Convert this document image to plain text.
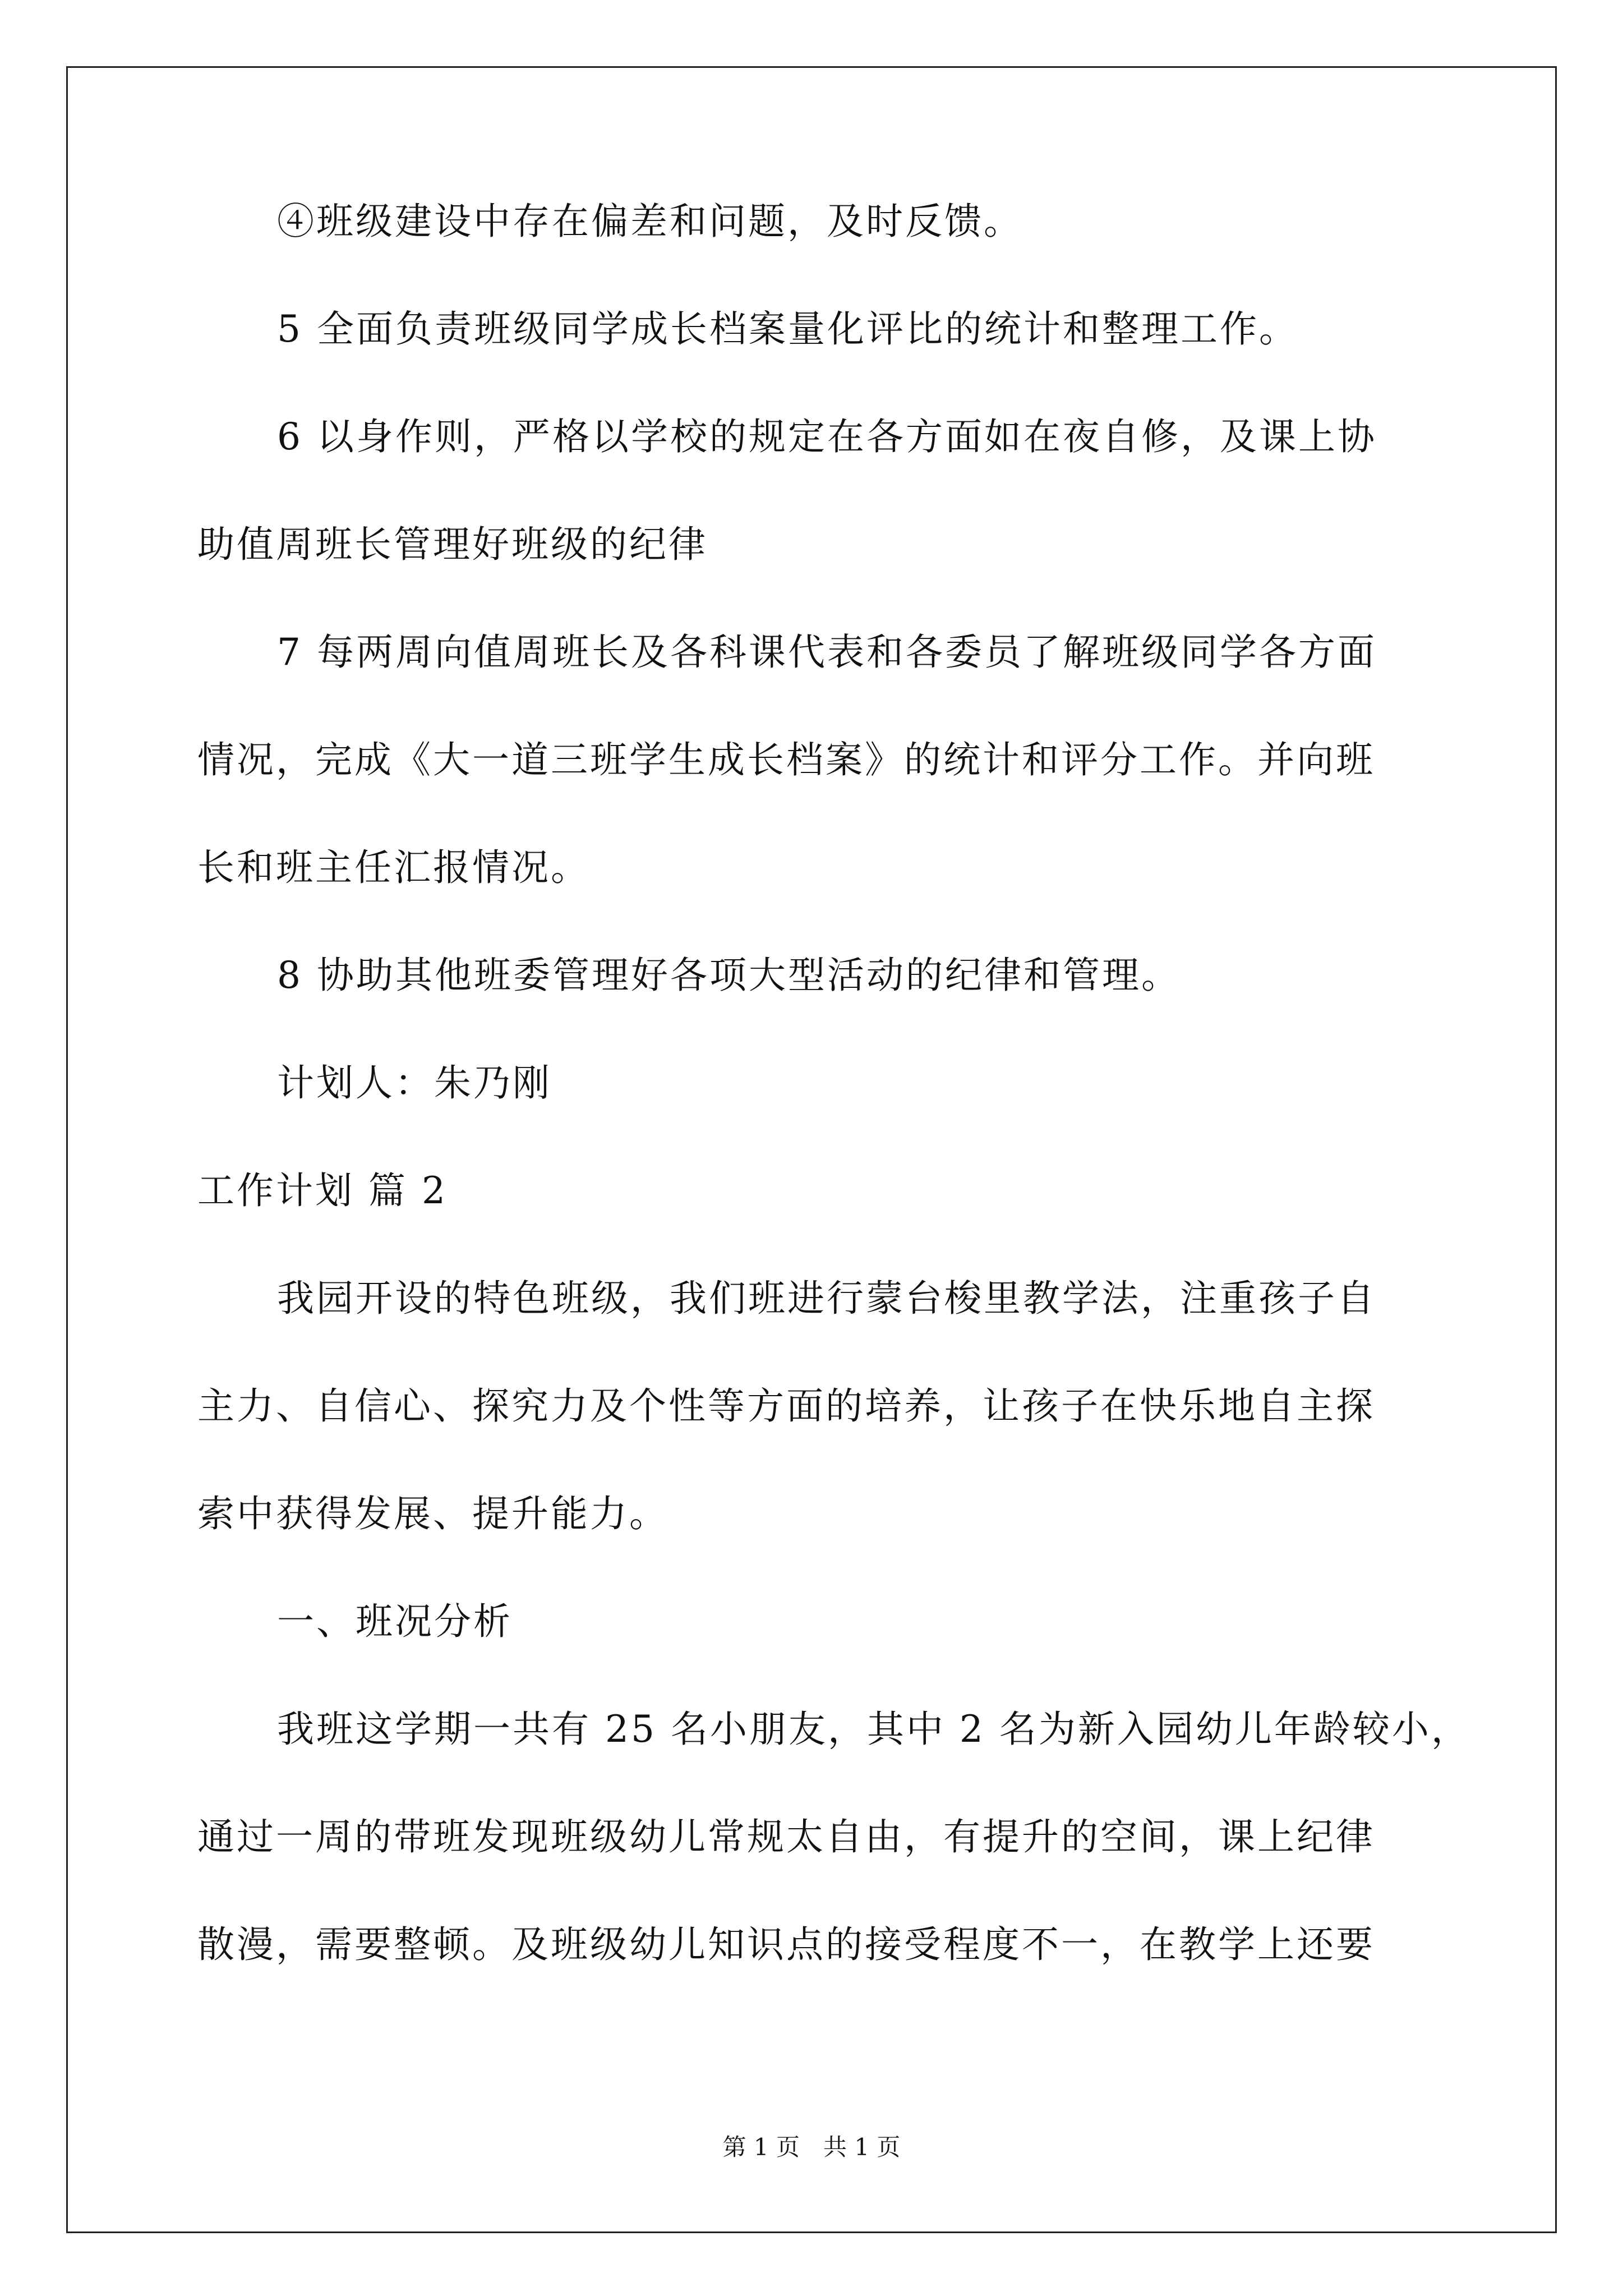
④班级建设中存在偏差和问题，及时反馈。
5 全面负责班级同学成长档案量化评比的统计和整理工作。
6 以身作则，严格以学校的规定在各方面如在夜自修，及课上协
助值周班长管理好班级的纪律
7 每两周向值周班长及各科课代表和各委员了解班级同学各方面
情况，完成《大一道三班学生成长档案》的统计和评分工作。并向班
长和班主任汇报情况。
8 协助其他班委管理好各项大型活动的纪律和管理。
计划人：朱乃刚
工作计划 篇 2
我园开设的特色班级，我们班进行蒙台梭里教学法，注重孩子自
主力、自信心、探究力及个性等方面的培养，让孩子在快乐地自主探
索中获得发展、提升能力。
一、班况分析
我班这学期一共有 25 名小朋友，其中 2 名为新入园幼儿年龄较小，
通过一周的带班发现班级幼儿常规太自由，有提升的空间，课上纪律
散漫，需要整顿。及班级幼儿知识点的接受程度不一，在教学上还要
第 1 页　共 1 页
